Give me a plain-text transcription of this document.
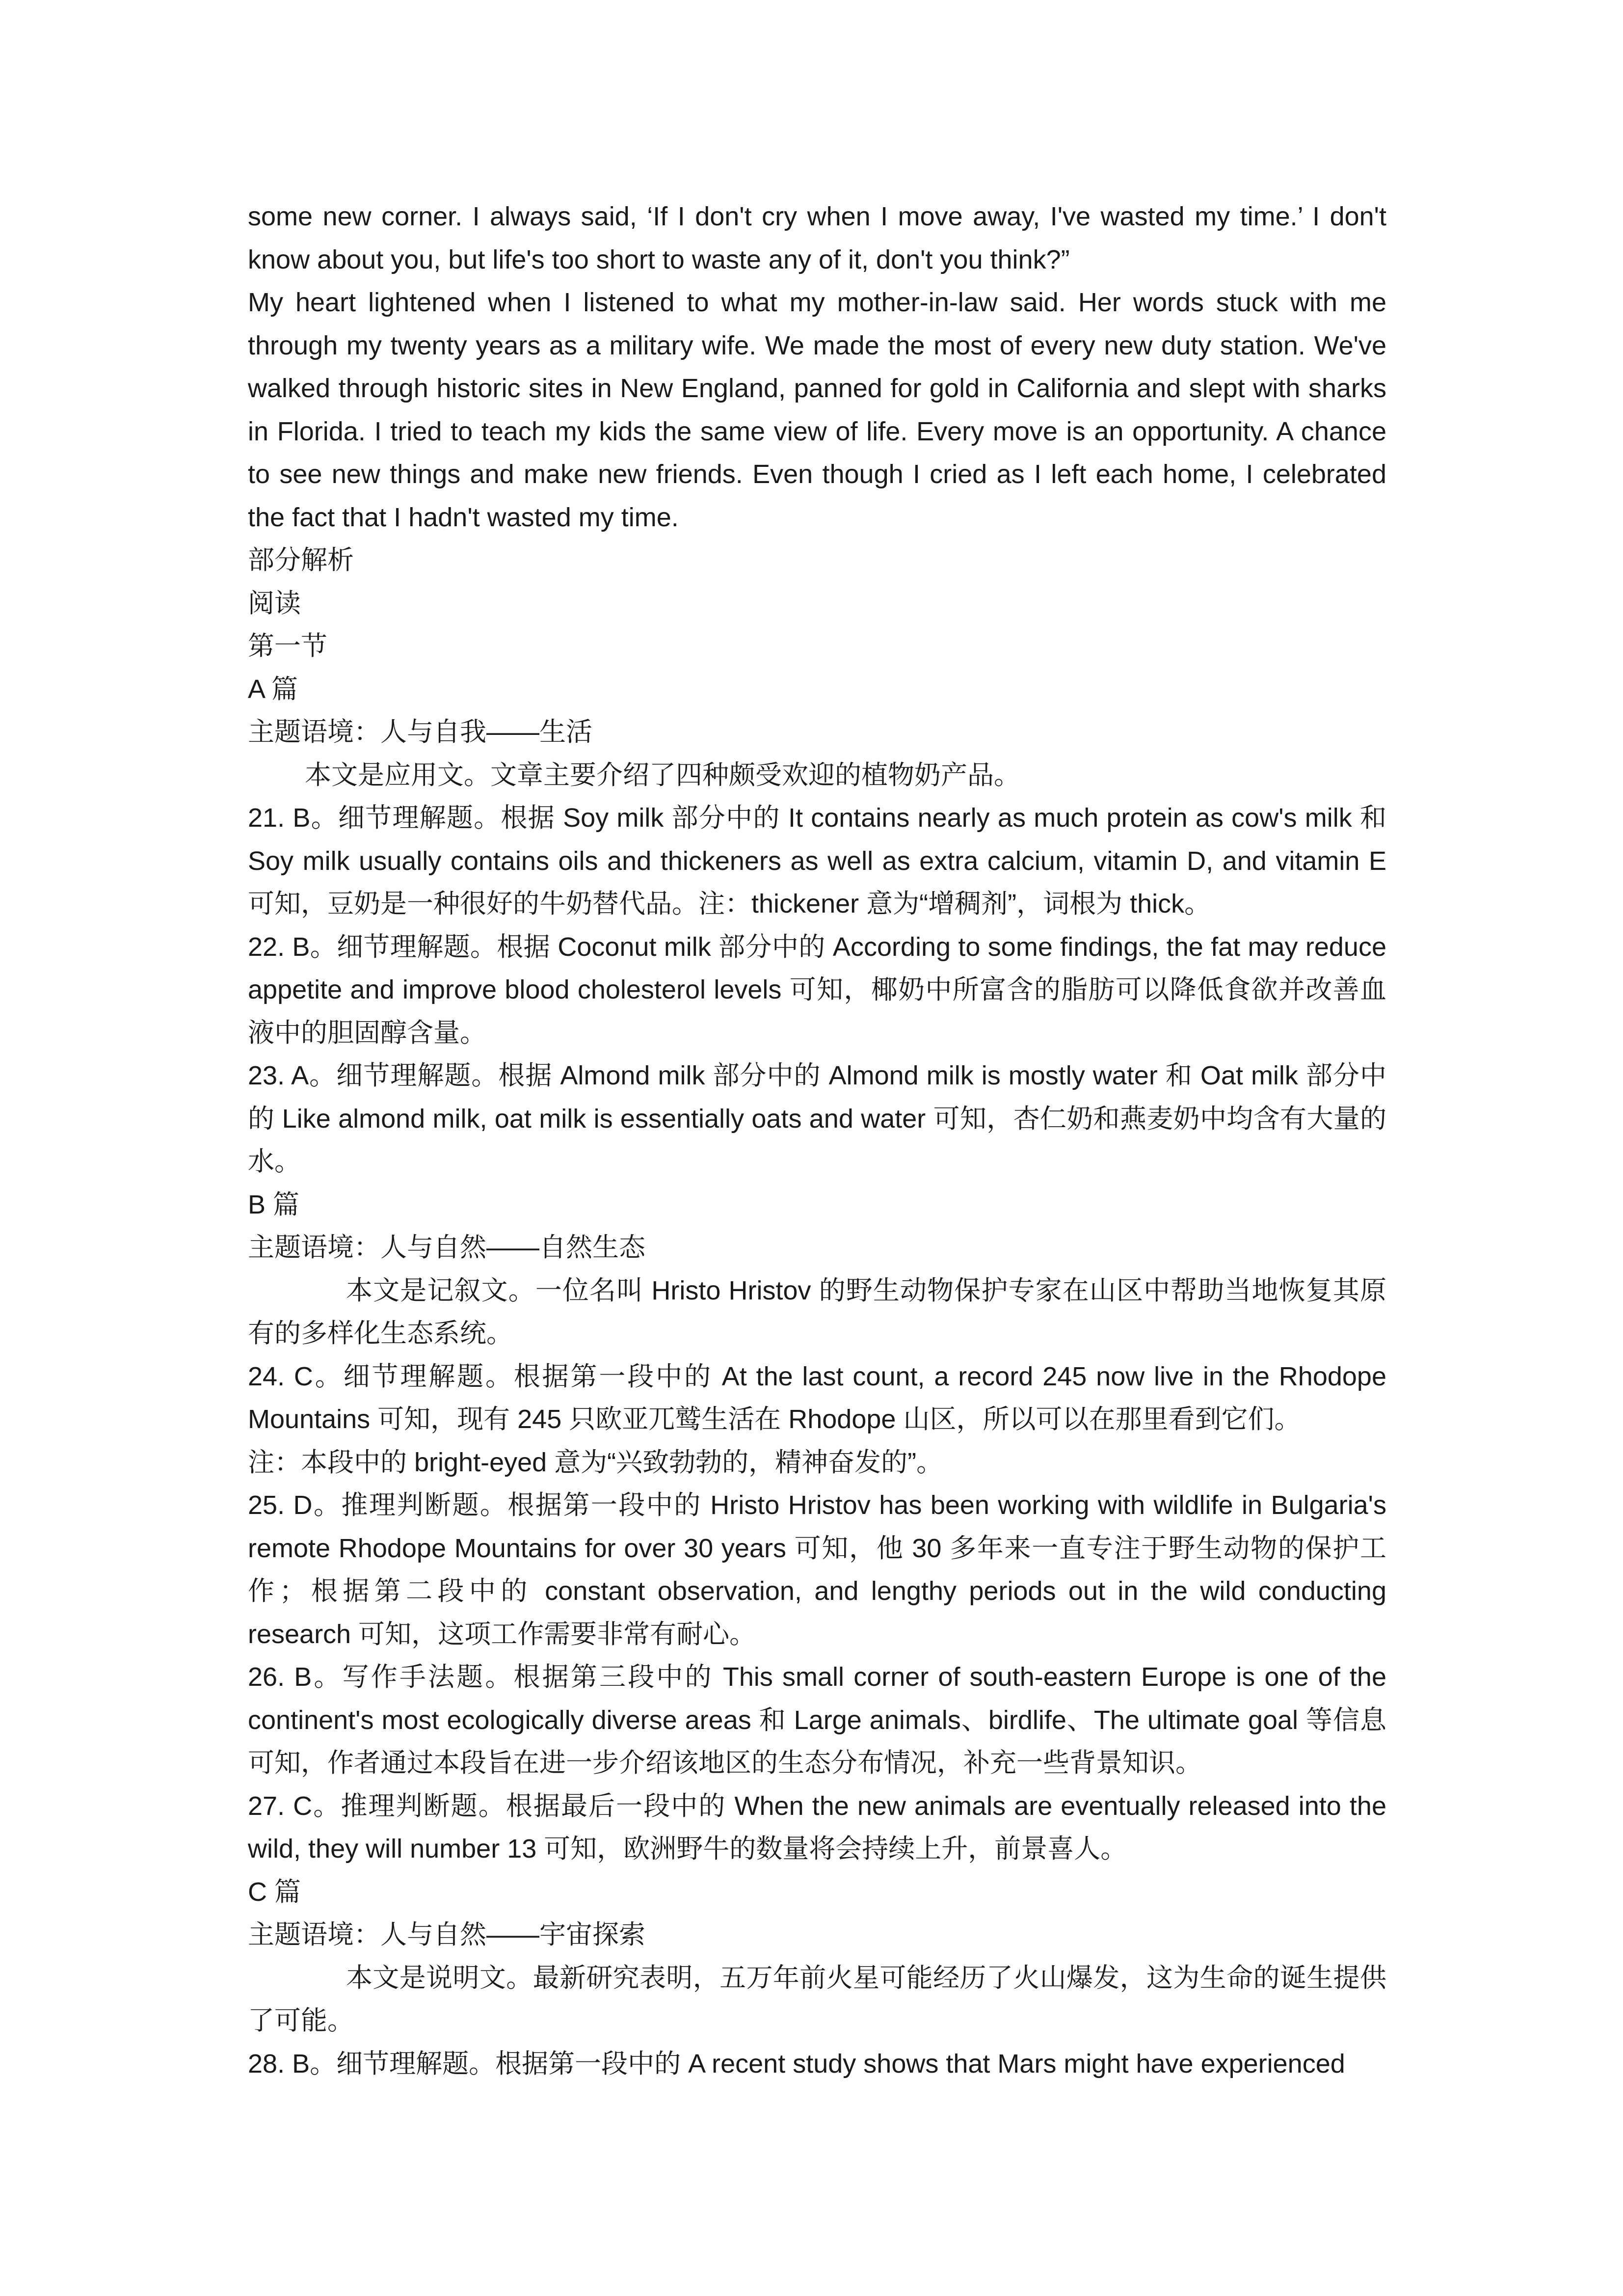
some new corner. I always said, ‘If I don't cry when I move away, I've wasted my time.’ I don't know about you, but life's too short to waste any of it, don't you think?”

My heart lightened when I listened to what my mother-in-law said. Her words stuck with me through my twenty years as a military wife. We made the most of every new duty station. We've walked through historic sites in New England, panned for gold in California and slept with sharks in Florida. I tried to teach my kids the same view of life. Every move is an opportunity. A chance to see new things and make new friends. Even though I cried as I left each home, I celebrated the fact that I hadn't wasted my time.

部分解析

阅读

第一节

A 篇

主题语境：人与自我——生活

本文是应用文。文章主要介绍了四种颇受欢迎的植物奶产品。

21. B。细节理解题。根据 Soy milk 部分中的 It contains nearly as much protein as cow's milk 和 Soy milk usually contains oils and thickeners as well as extra calcium, vitamin D, and vitamin E 可知，豆奶是一种很好的牛奶替代品。注：thickener 意为“增稠剂”，词根为 thick。

22. B。细节理解题。根据 Coconut milk 部分中的 According to some findings, the fat may reduce appetite and improve blood cholesterol levels 可知，椰奶中所富含的脂肪可以降低食欲并改善血液中的胆固醇含量。

23. A。细节理解题。根据 Almond milk 部分中的 Almond milk is mostly water 和 Oat milk 部分中的 Like almond milk, oat milk is essentially oats and water 可知，杏仁奶和燕麦奶中均含有大量的水。

B 篇

主题语境：人与自然——自然生态

本文是记叙文。一位名叫 Hristo Hristov 的野生动物保护专家在山区中帮助当地恢复其原有的多样化生态系统。

24. C。细节理解题。根据第一段中的 At the last count, a record 245 now live in the Rhodope Mountains 可知，现有 245 只欧亚兀鹫生活在 Rhodope 山区，所以可以在那里看到它们。

注：本段中的 bright-eyed 意为“兴致勃勃的，精神奋发的”。

25. D。推理判断题。根据第一段中的 Hristo Hristov has been working with wildlife in Bulgaria's remote Rhodope Mountains for over 30 years 可知，他 30 多年来一直专注于野生动物的保护工作；根据第二段中的 constant observation, and lengthy periods out in the wild conducting research 可知，这项工作需要非常有耐心。

26. B。写作手法题。根据第三段中的 This small corner of south-eastern Europe is one of the continent's most ecologically diverse areas 和 Large animals、birdlife、The ultimate goal 等信息可知，作者通过本段旨在进一步介绍该地区的生态分布情况，补充一些背景知识。

27. C。推理判断题。根据最后一段中的 When the new animals are eventually released into the wild, they will number 13 可知，欧洲野牛的数量将会持续上升，前景喜人。

C 篇

主题语境：人与自然——宇宙探索

本文是说明文。最新研究表明，五万年前火星可能经历了火山爆发，这为生命的诞生提供了可能。

28. B。细节理解题。根据第一段中的 A recent study shows that Mars might have experienced
